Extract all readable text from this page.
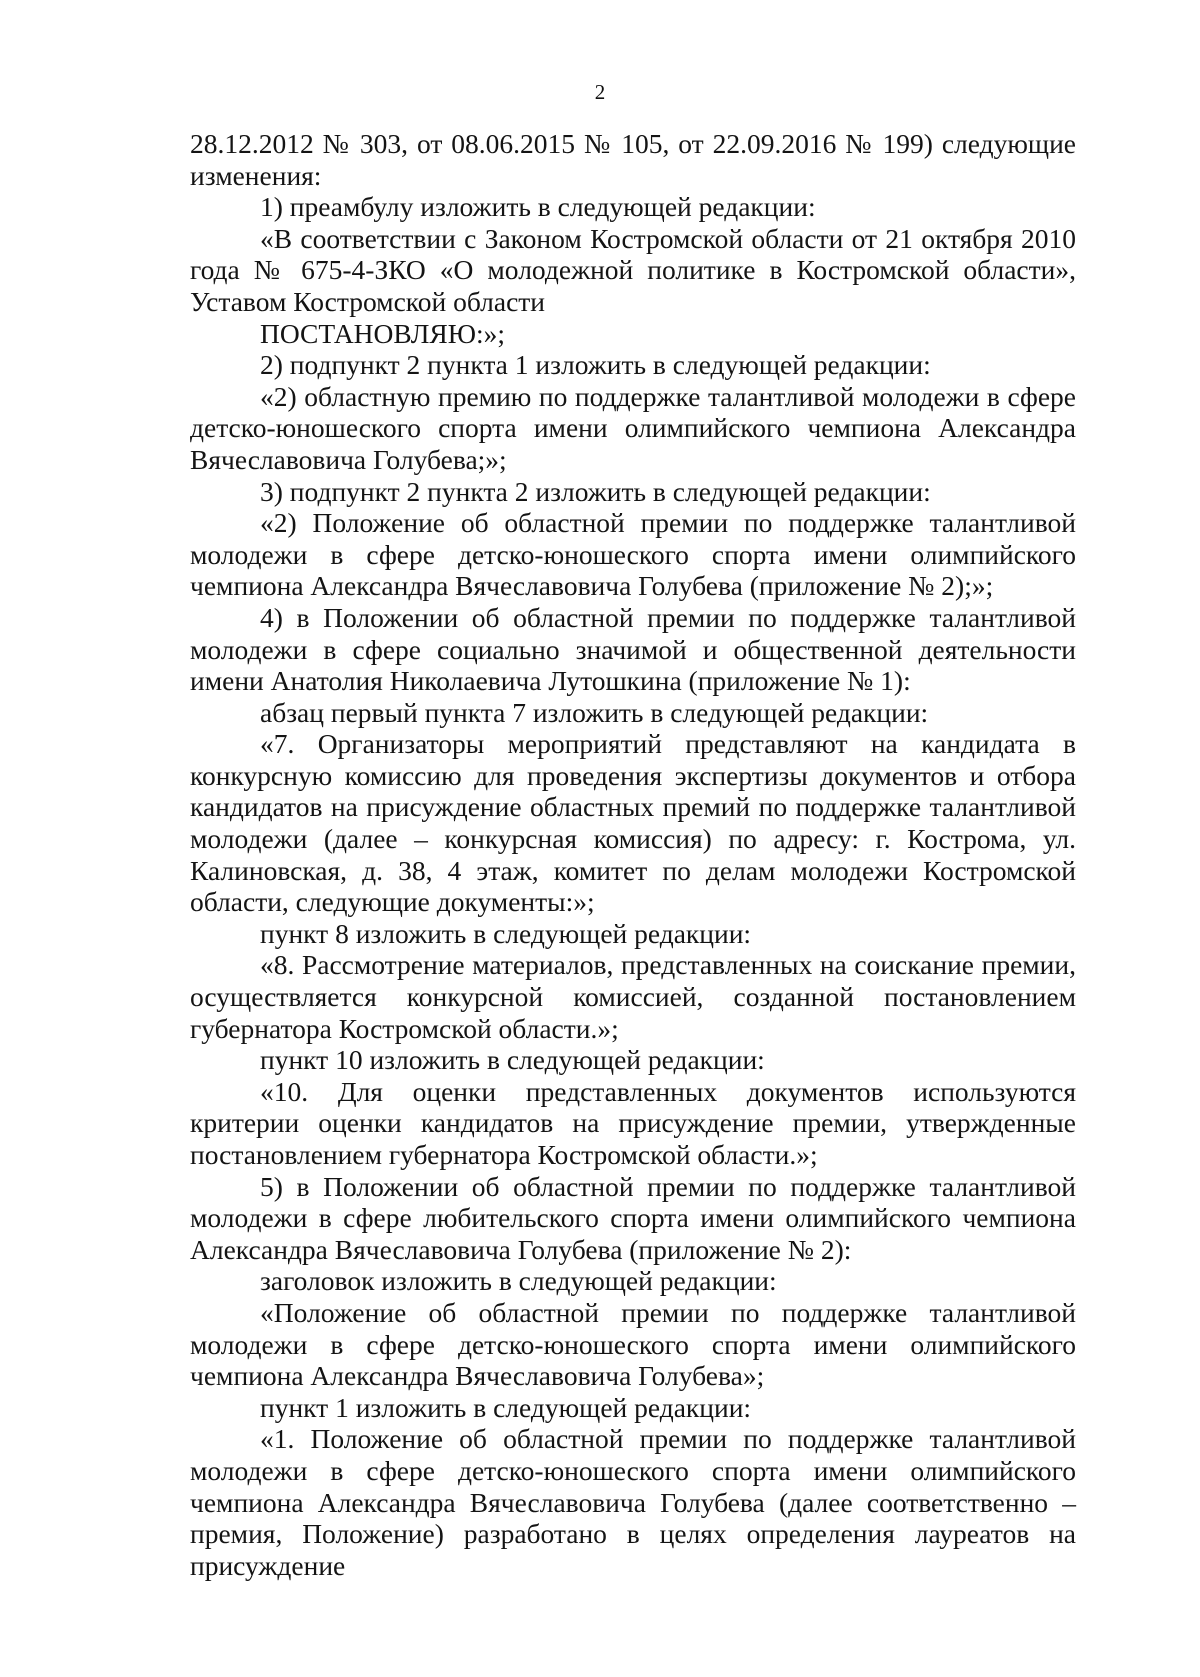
2

28.12.2012 № 303, от 08.06.2015 № 105, от 22.09.2016 № 199) следующие изменения:

1) преамбулу изложить в следующей редакции:

«В соответствии с Законом Костромской области от 21 октября 2010 года № 675-4-ЗКО «О молодежной политике в Костромской области», Уставом Костромской области

ПОСТАНОВЛЯЮ:»;

2) подпункт 2 пункта 1 изложить в следующей редакции:

«2) областную премию по поддержке талантливой молодежи в сфере детско-юношеского спорта имени олимпийского чемпиона Александра Вячеславовича Голубева;»;

3) подпункт 2 пункта 2 изложить в следующей редакции:

«2) Положение об областной премии по поддержке талантливой молодежи в сфере детско-юношеского спорта имени олимпийского чемпиона Александра Вячеславовича Голубева (приложение № 2);»;

4) в Положении об областной премии по поддержке талантливой молодежи в сфере социально значимой и общественной деятельности имени Анатолия Николаевича Лутошкина (приложение № 1):

абзац первый пункта 7 изложить в следующей редакции:

«7. Организаторы мероприятий представляют на кандидата в конкурсную комиссию для проведения экспертизы документов и отбора кандидатов на присуждение областных премий по поддержке талантливой молодежи (далее – конкурсная комиссия) по адресу: г. Кострома, ул. Калиновская, д. 38, 4 этаж, комитет по делам молодежи Костромской области, следующие документы:»;

пункт 8 изложить в следующей редакции:

«8. Рассмотрение материалов, представленных на соискание премии, осуществляется конкурсной комиссией, созданной постановлением губернатора Костромской области.»;

пункт 10 изложить в следующей редакции:

«10. Для оценки представленных документов используются критерии оценки кандидатов на присуждение премии, утвержденные постановлением губернатора Костромской области.»;

5) в Положении об областной премии по поддержке талантливой молодежи в сфере любительского спорта имени олимпийского чемпиона Александра Вячеславовича Голубева (приложение № 2):

заголовок изложить в следующей редакции:

«Положение об областной премии по поддержке талантливой молодежи в сфере детско-юношеского спорта имени олимпийского чемпиона Александра Вячеславовича Голубева»;

пункт 1 изложить в следующей редакции:

«1. Положение об областной премии по поддержке талантливой молодежи в сфере детско-юношеского спорта имени олимпийского чемпиона Александра Вячеславовича Голубева (далее соответственно – премия, Положение) разработано в целях определения лауреатов на присуждение
